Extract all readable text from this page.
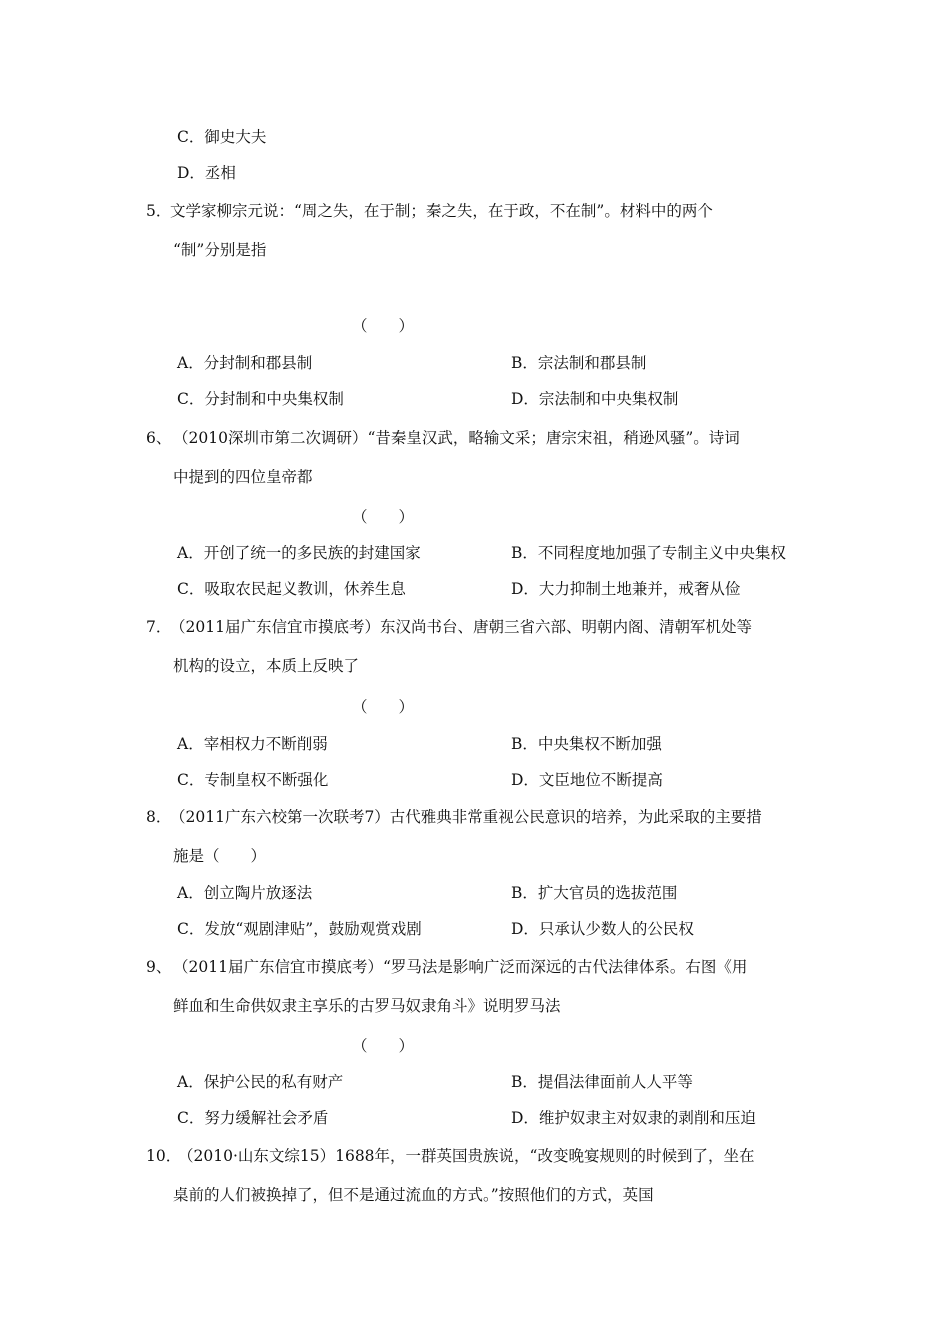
C．御史大夫
D．丞相
5．
文学家柳宗元说：“周之失，在于制；秦之失，在于政，不在制”。材料中的两个
“制”分别是指
（　　）
A．分封制和郡县制	B．宗法制和郡县制
C．分封制和中央集权制	D．宗法制和中央集权制
6、 （2010深圳市第二次调研）“昔秦皇汉武，略输文采；唐宗宋祖，稍逊风骚”。诗词
中提到的四位皇帝都
（　　）
A．开创了统一的多民族的封建国家	B．不同程度地加强了专制主义中央集权
C．吸取农民起义教训，休养生息	D．大力抑制土地兼并，戒奢从俭
7．
（2011届广东信宜市摸底考）东汉尚书台、唐朝三省六部、明朝内阁、清朝军机处等
机构的设立，本质上反映了
（　　）
A．宰相权力不断削弱	B．中央集权不断加强
C．专制皇权不断强化	D．文臣地位不断提高
8．
（2011广东六校第一次联考7）古代雅典非常重视公民意识的培养，为此采取的主要措
施是（　　）
A．创立陶片放逐法	B．扩大官员的选拔范围
C．发放“观剧津贴”，鼓励观赏戏剧	D．只承认少数人的公民权
9、 （2011届广东信宜市摸底考）“罗马法是影响广泛而深远的古代法律体系。右图《用
鲜血和生命供奴隶主享乐的古罗马奴隶角斗》说明罗马法
（　　）
A．保护公民的私有财产	B．提倡法律面前人人平等
C．努力缓解社会矛盾	D．维护奴隶主对奴隶的剥削和压迫
10．
（2010·山东文综15）1688年，一群英国贵族说，“改变晚宴规则的时候到了，坐在
桌前的人们被换掉了，但不是通过流血的方式。”按照他们的方式，英国
